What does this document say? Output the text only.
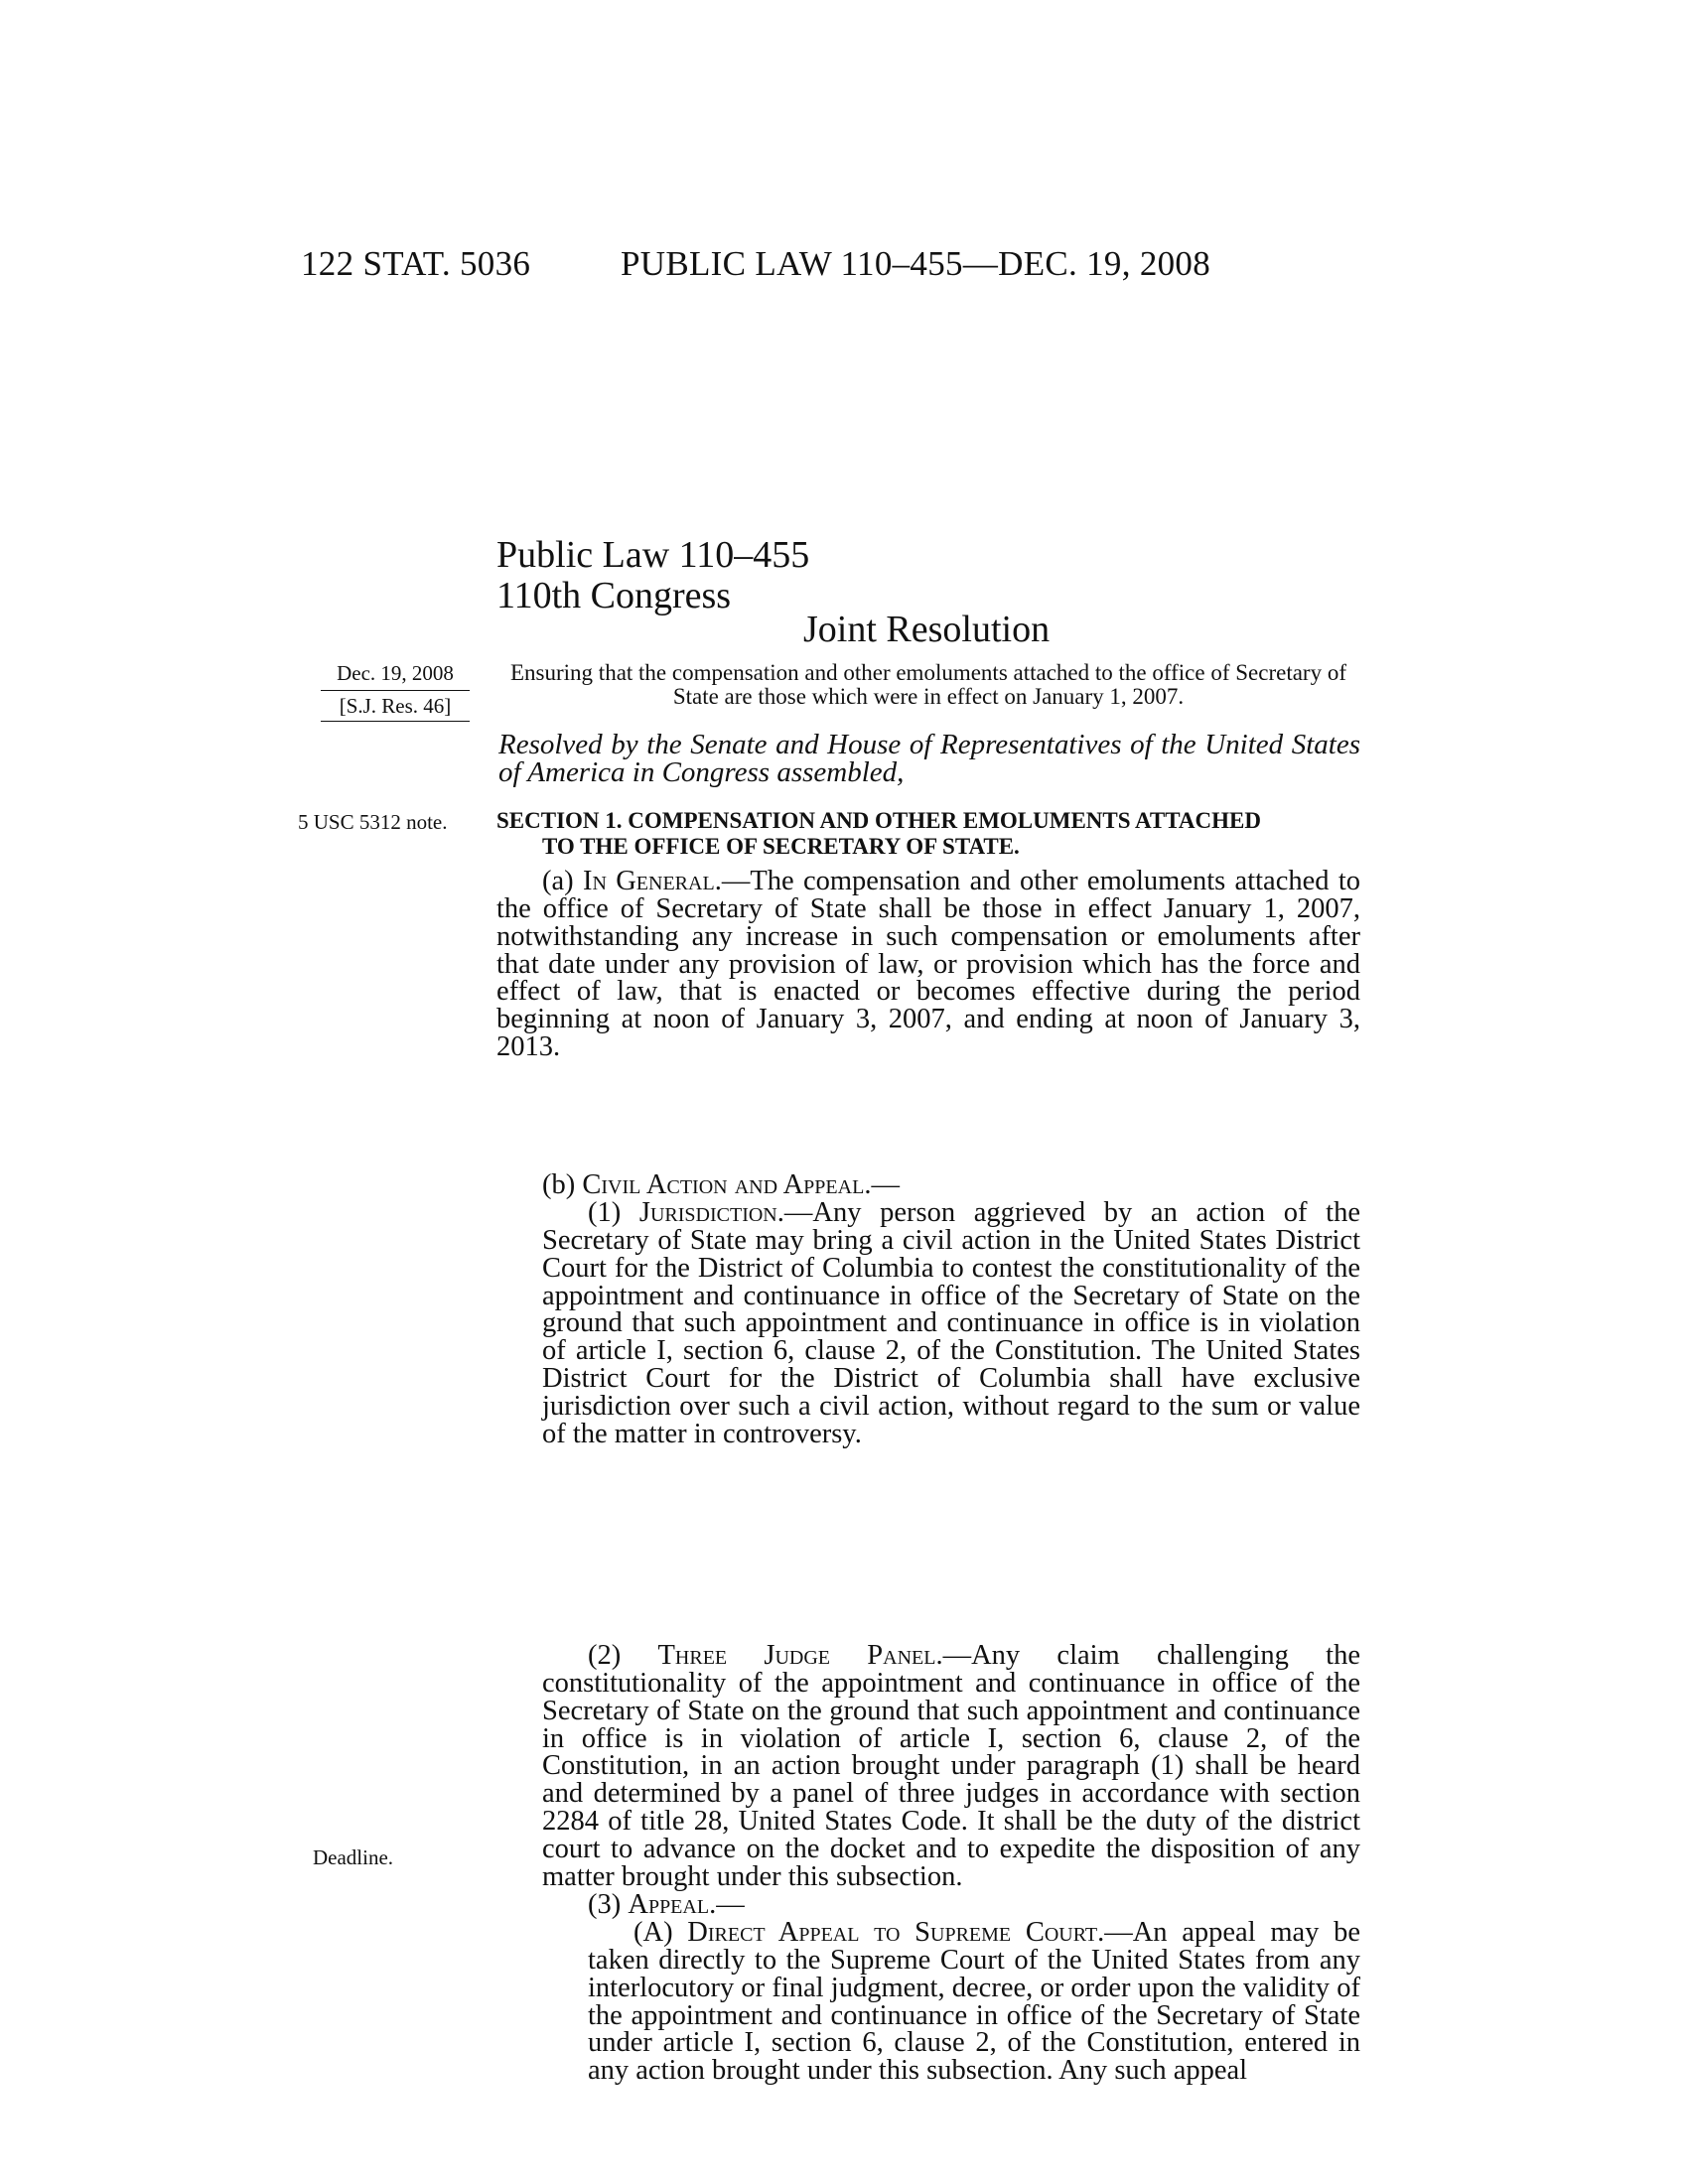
122 STAT. 5036	PUBLIC LAW 110–455—DEC. 19, 2008
Public Law 110–455
110th Congress
Joint Resolution
Dec. 19, 2008
[S.J. Res. 46]
5 USC 5312 note.
Deadline.
Ensuring that the compensation and other emoluments attached to the office of Secretary of State are those which were in effect on January 1, 2007.
Resolved by the Senate and House of Representatives of the United States of America in Congress assembled,
SECTION 1. COMPENSATION AND OTHER EMOLUMENTS ATTACHED
TO THE OFFICE OF SECRETARY OF STATE.
(a) In General.—The compensation and other emoluments attached to the office of Secretary of State shall be those in effect January 1, 2007, notwithstanding any increase in such compensation or emoluments after that date under any provision of law, or provision which has the force and effect of law, that is enacted or becomes effective during the period beginning at noon of January 3, 2007, and ending at noon of January 3, 2013.
(b) Civil Action and Appeal.—
(1) Jurisdiction.—Any person aggrieved by an action of the Secretary of State may bring a civil action in the United States District Court for the District of Columbia to contest the constitutionality of the appointment and continuance in office of the Secretary of State on the ground that such appointment and continuance in office is in violation of article I, section 6, clause 2, of the Constitution. The United States District Court for the District of Columbia shall have exclusive jurisdiction over such a civil action, without regard to the sum or value of the matter in controversy.
(2) Three Judge Panel.—Any claim challenging the constitutionality of the appointment and continuance in office of the Secretary of State on the ground that such appointment and continuance in office is in violation of article I, section 6, clause 2, of the Constitution, in an action brought under paragraph (1) shall be heard and determined by a panel of three judges in accordance with section 2284 of title 28, United States Code. It shall be the duty of the district court to advance on the docket and to expedite the disposition of any matter brought under this subsection.
(3) Appeal.—
(A) Direct Appeal to Supreme Court.—An appeal may be taken directly to the Supreme Court of the United States from any interlocutory or final judgment, decree, or order upon the validity of the appointment and continuance in office of the Secretary of State under article I, section 6, clause 2, of the Constitution, entered in any action brought under this subsection. Any such appeal
